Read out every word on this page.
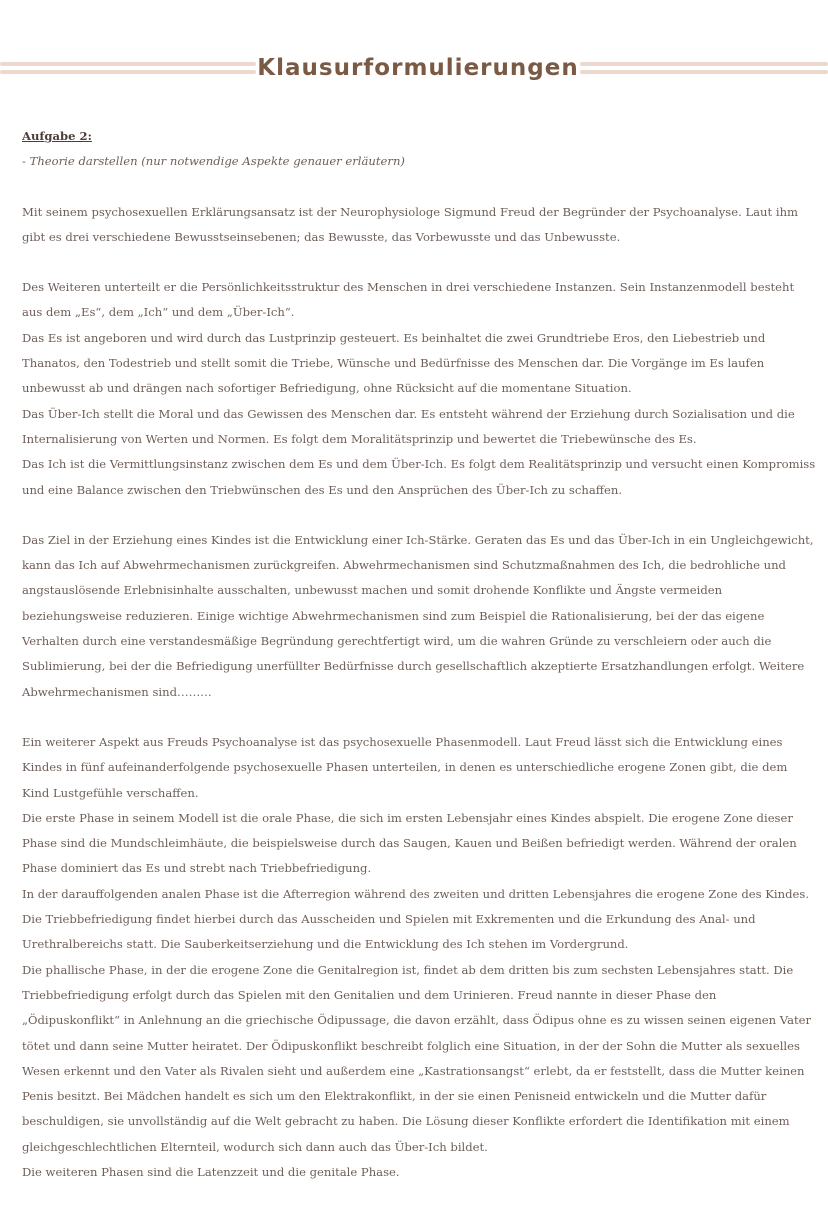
Klausurformulierungen

Aufgabe 2:

- Theorie darstellen (nur notwendige Aspekte genauer erläutern)

Mit seinem psychosexuellen Erklärungsansatz ist der Neurophysiologe Sigmund Freud der Begründer der Psychoanalyse. Laut ihm gibt es drei verschiedene Bewusstseinsebenen; das Bewusste, das Vorbewusste und das Unbewusste.

Des Weiteren unterteilt er die Persönlichkeitsstruktur des Menschen in drei verschiedene Instanzen. Sein Instanzenmodell besteht aus dem „Es“, dem „Ich“ und dem „Über-Ich“.

Das Es ist angeboren und wird durch das Lustprinzip gesteuert. Es beinhaltet die zwei Grundtriebe Eros, den Liebestrieb und Thanatos, den Todestrieb und stellt somit die Triebe, Wünsche und Bedürfnisse des Menschen dar. Die Vorgänge im Es laufen unbewusst ab und drängen nach sofortiger Befriedigung, ohne Rücksicht auf die momentane Situation.

Das Über-Ich stellt die Moral und das Gewissen des Menschen dar. Es entsteht während der Erziehung durch Sozialisation und die Internalisierung von Werten und Normen. Es folgt dem Moralitätsprinzip und bewertet die Triebewünsche des Es.

Das Ich ist die Vermittlungsinstanz zwischen dem Es und dem Über-Ich. Es folgt dem Realitätsprinzip und versucht einen Kompromiss und eine Balance zwischen den Triebwünschen des Es und den Ansprüchen des Über-Ich zu schaffen.

Das Ziel in der Erziehung eines Kindes ist die Entwicklung einer Ich-Stärke. Geraten das Es und das Über-Ich in ein Ungleichgewicht, kann das Ich auf Abwehrmechanismen zurückgreifen. Abwehrmechanismen sind Schutzmaßnahmen des Ich, die bedrohliche und angstauslösende Erlebnisinhalte ausschalten, unbewusst machen und somit drohende Konflikte und Ängste vermeiden beziehungsweise reduzieren. Einige wichtige Abwehrmechanismen sind zum Beispiel die Rationalisierung, bei der das eigene Verhalten durch eine verstandesmäßige Begründung gerechtfertigt wird, um die wahren Gründe zu verschleiern oder auch die Sublimierung, bei der die Befriedigung unerfüllter Bedürfnisse durch gesellschaftlich akzeptierte Ersatzhandlungen erfolgt. Weitere Abwehrmechanismen sind………

Ein weiterer Aspekt aus Freuds Psychoanalyse ist das psychosexuelle Phasenmodell. Laut Freud lässt sich die Entwicklung eines Kindes in fünf aufeinanderfolgende psychosexuelle Phasen unterteilen, in denen es unterschiedliche erogene Zonen gibt, die dem Kind Lustgefühle verschaffen.

Die erste Phase in seinem Modell ist die orale Phase, die sich im ersten Lebensjahr eines Kindes abspielt. Die erogene Zone dieser Phase sind die Mundschleimhäute, die beispielsweise durch das Saugen, Kauen und Beißen befriedigt werden. Während der oralen Phase dominiert das Es und strebt nach Triebbefriedigung.

In der darauffolgenden analen Phase ist die Afterregion während des zweiten und dritten Lebensjahres die erogene Zone des Kindes. Die Triebbefriedigung findet hierbei durch das Ausscheiden und Spielen mit Exkrementen und die Erkundung des Anal- und Urethralbereichs statt. Die Sauberkeitserziehung und die Entwicklung des Ich stehen im Vordergrund.

Die phallische Phase, in der die erogene Zone die Genitalregion ist, findet ab dem dritten bis zum sechsten Lebensjahres statt. Die Triebbefriedigung erfolgt durch das Spielen mit den Genitalien und dem Urinieren. Freud nannte in dieser Phase den „Ödipuskonflikt“ in Anlehnung an die griechische Ödipussage, die davon erzählt, dass Ödipus ohne es zu wissen seinen eigenen Vater tötet und dann seine Mutter heiratet. Der Ödipuskonflikt beschreibt folglich eine Situation, in der der Sohn die Mutter als sexuelles Wesen erkennt und den Vater als Rivalen sieht und außerdem eine „Kastrationsangst“ erlebt, da er feststellt, dass die Mutter keinen Penis besitzt. Bei Mädchen handelt es sich um den Elektrakonflikt, in der sie einen Penisneid entwickeln und die Mutter dafür beschuldigen, sie unvollständig auf die Welt gebracht zu haben. Die Lösung dieser Konflikte erfordert die Identifikation mit einem gleichgeschlechtlichen Elternteil, wodurch sich dann auch das Über-Ich bildet.

Die weiteren Phasen sind die Latenzzeit und die genitale Phase.
